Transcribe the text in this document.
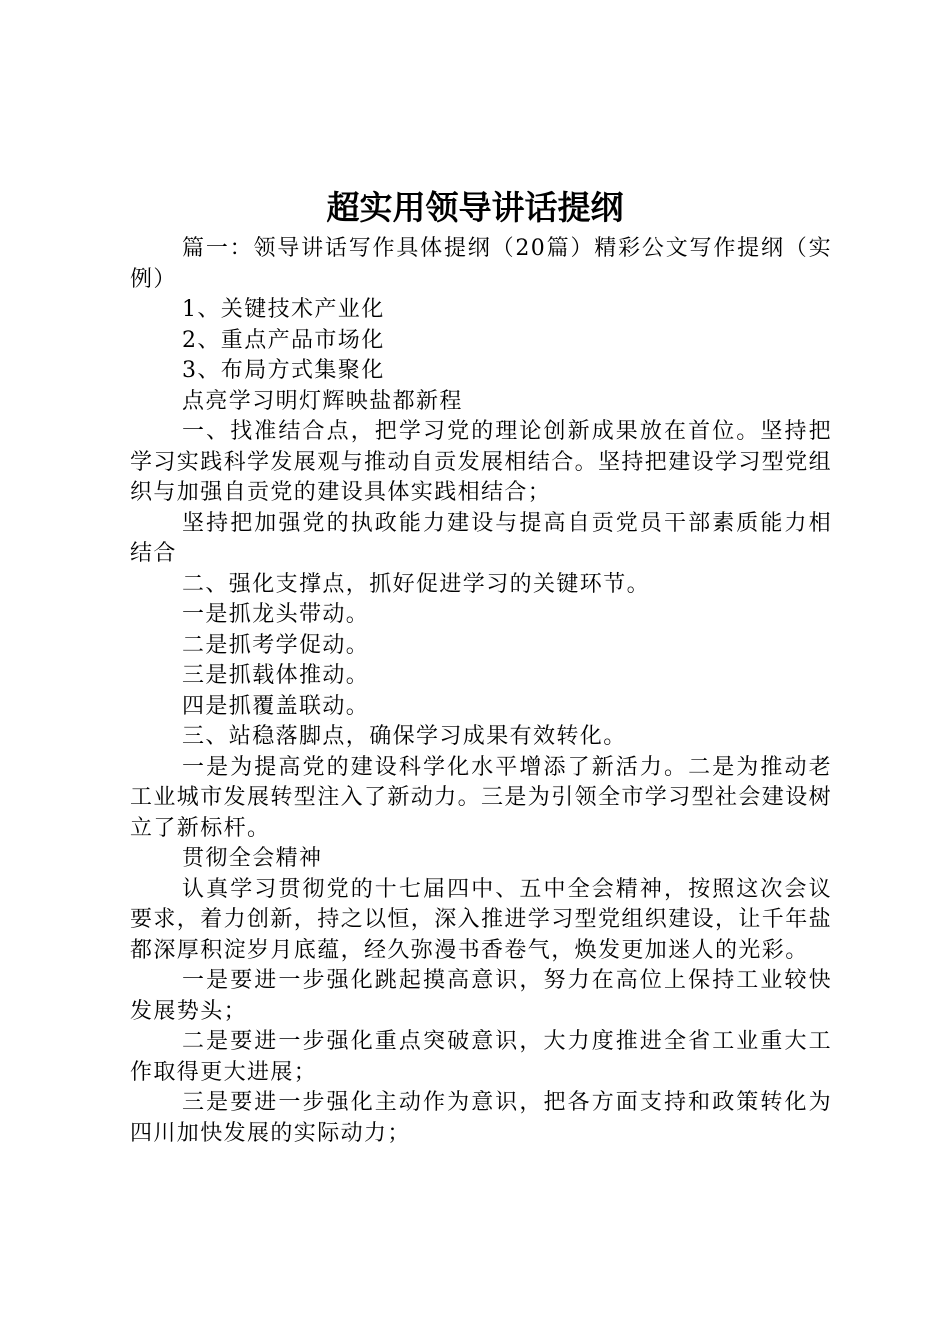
超实用领导讲话提纲

篇一：领导讲话写作具体提纲（20篇）精彩公文写作提纲（实例）

1、关键技术产业化

2、重点产品市场化

3、布局方式集聚化

点亮学习明灯辉映盐都新程

一、找准结合点，把学习党的理论创新成果放在首位。坚持把学习实践科学发展观与推动自贡发展相结合。坚持把建设学习型党组织与加强自贡党的建设具体实践相结合；

坚持把加强党的执政能力建设与提高自贡党员干部素质能力相结合

二、强化支撑点，抓好促进学习的关键环节。

一是抓龙头带动。

二是抓考学促动。

三是抓载体推动。

四是抓覆盖联动。

三、站稳落脚点，确保学习成果有效转化。

一是为提高党的建设科学化水平增添了新活力。二是为推动老工业城市发展转型注入了新动力。三是为引领全市学习型社会建设树立了新标杆。

贯彻全会精神

认真学习贯彻党的十七届四中、五中全会精神，按照这次会议要求，着力创新，持之以恒，深入推进学习型党组织建设，让千年盐都深厚积淀岁月底蕴，经久弥漫书香卷气，焕发更加迷人的光彩。

一是要进一步强化跳起摸高意识，努力在高位上保持工业较快发展势头；

二是要进一步强化重点突破意识，大力度推进全省工业重大工作取得更大进展；

三是要进一步强化主动作为意识，把各方面支持和政策转化为四川加快发展的实际动力；
